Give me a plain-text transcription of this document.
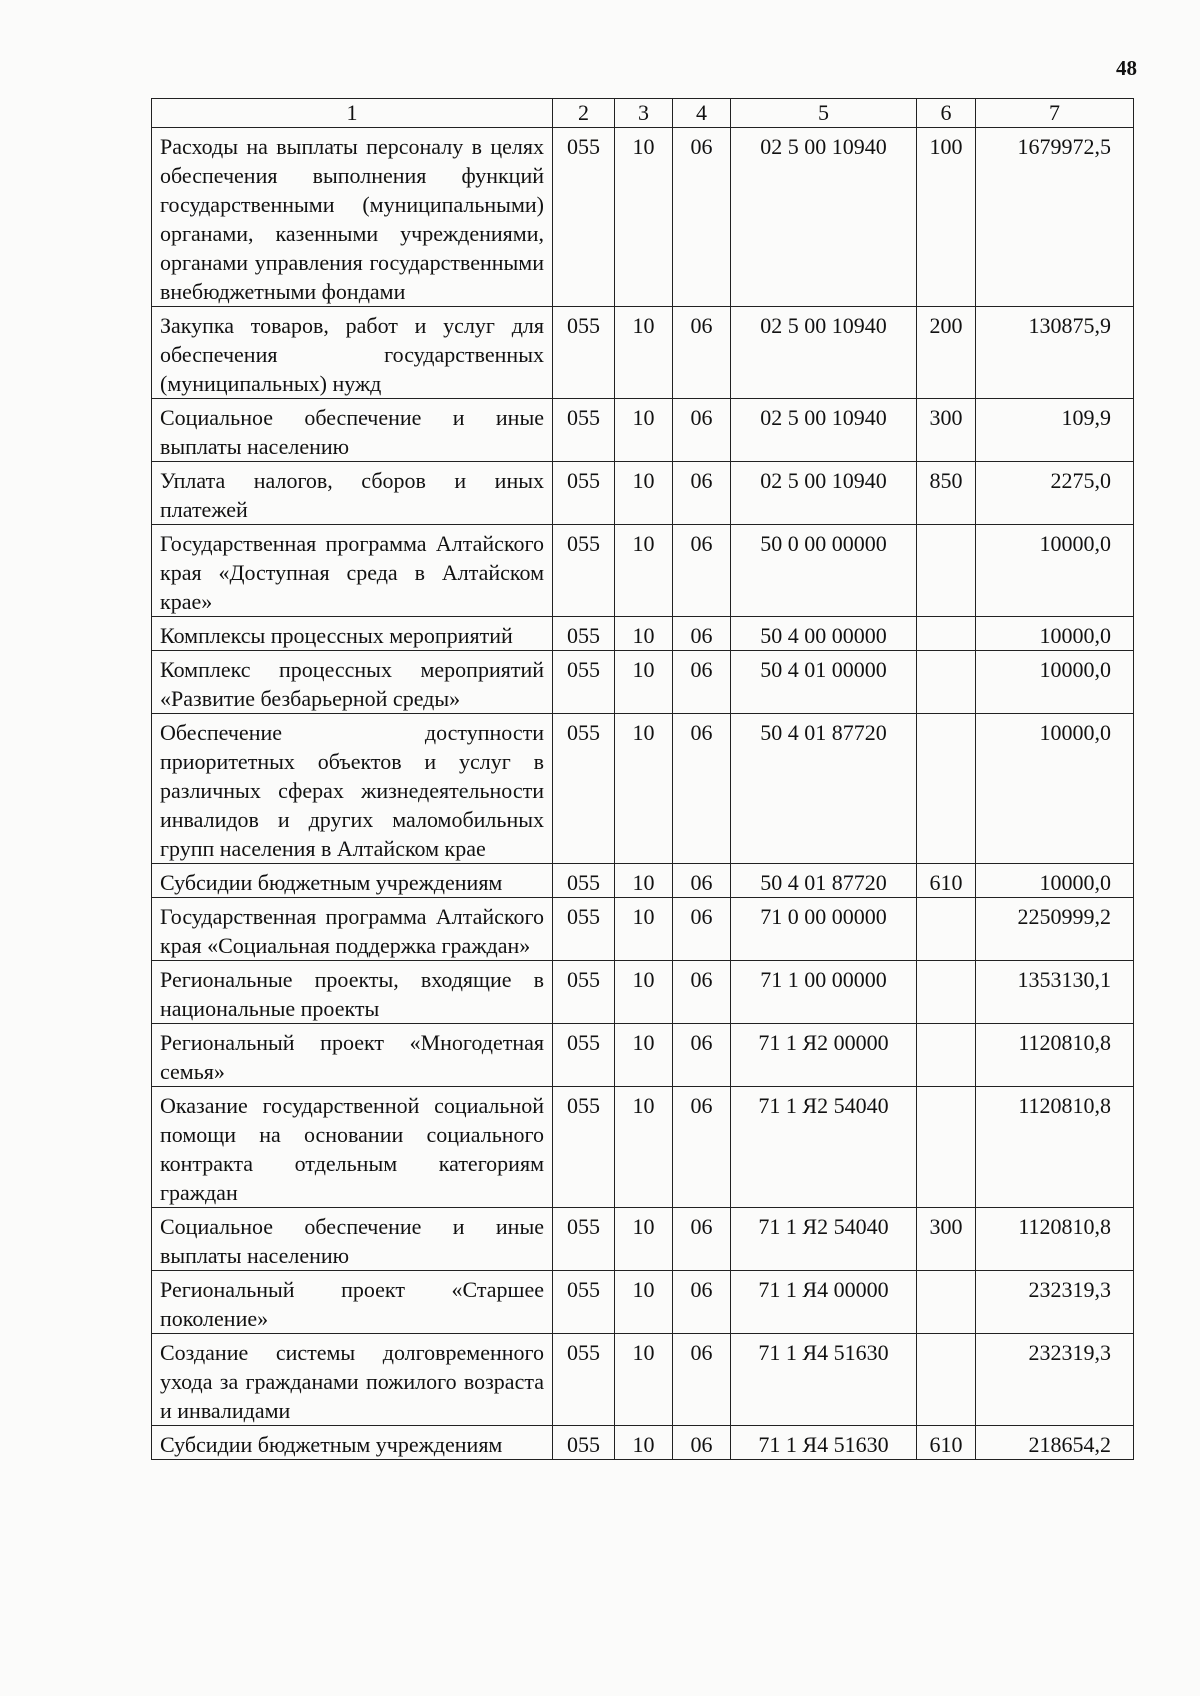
48
1	2	3	4	5	6	7
Расходы на выплаты персоналу в целях обеспечения выполнения функций государственными (муниципальными) органами, казенными учреждениями, органами управления государственными внебюджетными фондами	055	10	06	02 5 00 10940	100	1679972,5
Закупка товаров, работ и услуг для обеспечения государственных (муниципальных) нужд	055	10	06	02 5 00 10940	200	130875,9
Социальное обеспечение и иные выплаты населению	055	10	06	02 5 00 10940	300	109,9
Уплата налогов, сборов и иных платежей	055	10	06	02 5 00 10940	850	2275,0
Государственная программа Алтайского края «Доступная среда в Алтайском крае»	055	10	06	50 0 00 00000		10000,0
Комплексы процессных мероприятий	055	10	06	50 4 00 00000		10000,0
Комплекс процессных мероприятий «Развитие безбарьерной среды»	055	10	06	50 4 01 00000		10000,0
Обеспечение доступности приоритетных объектов и услуг в различных сферах жизнедеятельности инвалидов и других маломобильных групп населения в Алтайском крае	055	10	06	50 4 01 87720		10000,0
Субсидии бюджетным учреждениям	055	10	06	50 4 01 87720	610	10000,0
Государственная программа Алтайского края «Социальная поддержка граждан»	055	10	06	71 0 00 00000		2250999,2
Региональные проекты, входящие в национальные проекты	055	10	06	71 1 00 00000		1353130,1
Региональный проект «Многодетная семья»	055	10	06	71 1 Я2 00000		1120810,8
Оказание государственной социальной помощи на основании социального контракта отдельным категориям граждан	055	10	06	71 1 Я2 54040		1120810,8
Социальное обеспечение и иные выплаты населению	055	10	06	71 1 Я2 54040	300	1120810,8
Региональный проект «Старшее поколение»	055	10	06	71 1 Я4 00000		232319,3
Создание системы долговременного ухода за гражданами пожилого возраста и инвалидами	055	10	06	71 1 Я4 51630		232319,3
Субсидии бюджетным учреждениям	055	10	06	71 1 Я4 51630	610	218654,2
